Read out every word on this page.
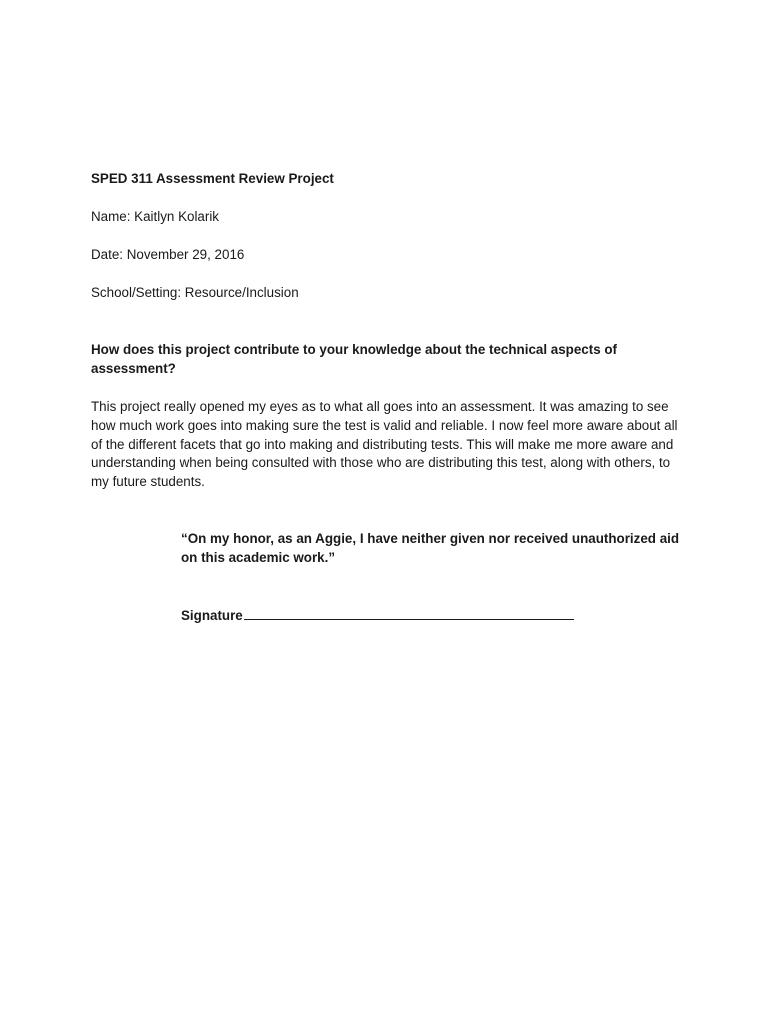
SPED 311 Assessment Review Project

Name: Kaitlyn Kolarik

Date: November 29, 2016

School/Setting: Resource/Inclusion

How does this project contribute to your knowledge about the technical aspects of assessment?

This project really opened my eyes as to what all goes into an assessment. It was amazing to see how much work goes into making sure the test is valid and reliable. I now feel more aware about all of the different facets that go into making and distributing tests. This will make me more aware and understanding when being consulted with those who are distributing this test, along with others, to my future students.

“On my honor, as an Aggie, I have neither given nor received unauthorized aid on this academic work.”

Signature
